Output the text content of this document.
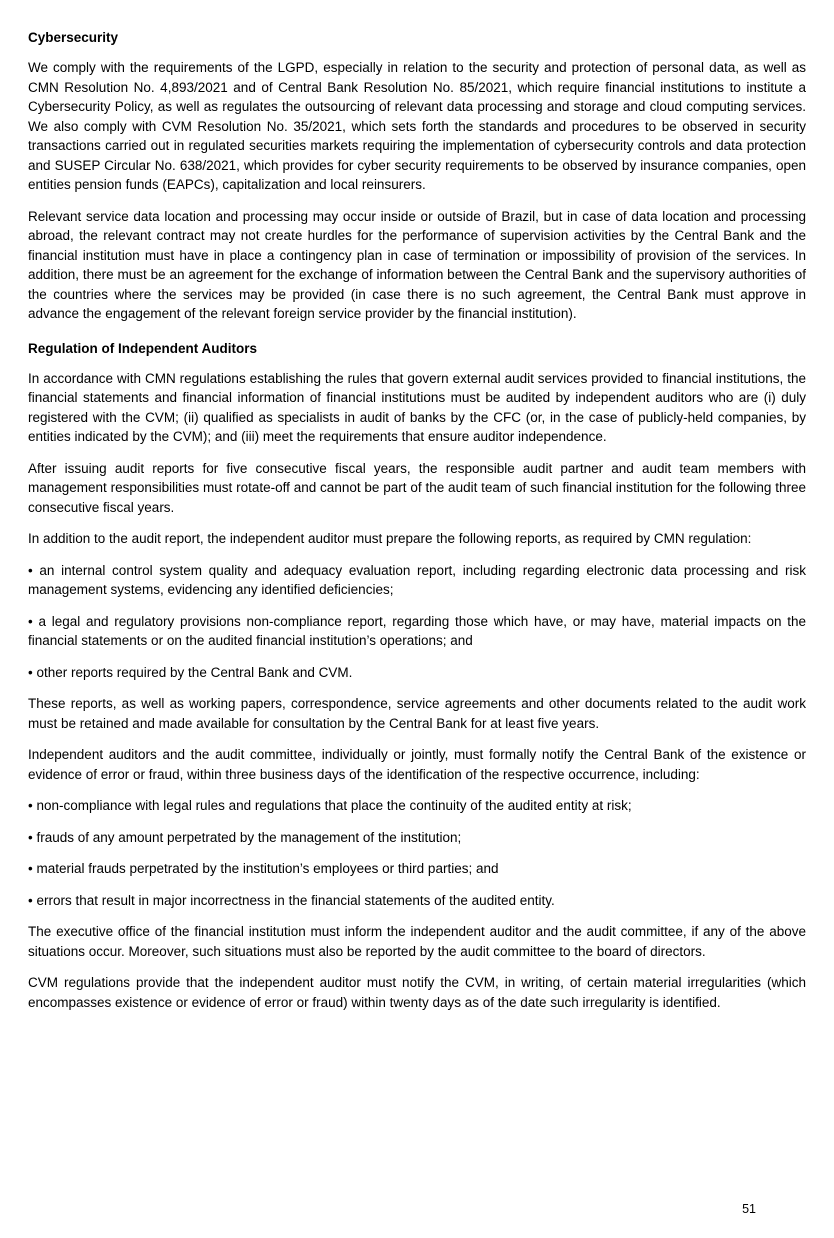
Cybersecurity

We comply with the requirements of the LGPD, especially in relation to the security and protection of personal data, as well as CMN Resolution No. 4,893/2021 and of Central Bank Resolution No. 85/2021, which require financial institutions to institute a Cybersecurity Policy, as well as regulates the outsourcing of relevant data processing and storage and cloud computing services. We also comply with CVM Resolution No. 35/2021, which sets forth the standards and procedures to be observed in security transactions carried out in regulated securities markets requiring the implementation of cybersecurity controls and data protection and SUSEP Circular No. 638/2021, which provides for cyber security requirements to be observed by insurance companies, open entities pension funds (EAPCs), capitalization and local reinsurers.

Relevant service data location and processing may occur inside or outside of Brazil, but in case of data location and processing abroad, the relevant contract may not create hurdles for the performance of supervision activities by the Central Bank and the financial institution must have in place a contingency plan in case of termination or impossibility of provision of the services. In addition, there must be an agreement for the exchange of information between the Central Bank and the supervisory authorities of the countries where the services may be provided (in case there is no such agreement, the Central Bank must approve in advance the engagement of the relevant foreign service provider by the financial institution).

Regulation of Independent Auditors

In accordance with CMN regulations establishing the rules that govern external audit services provided to financial institutions, the financial statements and financial information of financial institutions must be audited by independent auditors who are (i) duly registered with the CVM; (ii) qualified as specialists in audit of banks by the CFC (or, in the case of publicly-held companies, by entities indicated by the CVM); and (iii) meet the requirements that ensure auditor independence.

After issuing audit reports for five consecutive fiscal years, the responsible audit partner and audit team members with management responsibilities must rotate-off and cannot be part of the audit team of such financial institution for the following three consecutive fiscal years.

In addition to the audit report, the independent auditor must prepare the following reports, as required by CMN regulation:

• an internal control system quality and adequacy evaluation report, including regarding electronic data processing and risk management systems, evidencing any identified deficiencies;

• a legal and regulatory provisions non-compliance report, regarding those which have, or may have, material impacts on the financial statements or on the audited financial institution’s operations; and

• other reports required by the Central Bank and CVM.

These reports, as well as working papers, correspondence, service agreements and other documents related to the audit work must be retained and made available for consultation by the Central Bank for at least five years.

Independent auditors and the audit committee, individually or jointly, must formally notify the Central Bank of the existence or evidence of error or fraud, within three business days of the identification of the respective occurrence, including:

• non-compliance with legal rules and regulations that place the continuity of the audited entity at risk;

• frauds of any amount perpetrated by the management of the institution;

• material frauds perpetrated by the institution’s employees or third parties; and

• errors that result in major incorrectness in the financial statements of the audited entity.

The executive office of the financial institution must inform the independent auditor and the audit committee, if any of the above situations occur. Moreover, such situations must also be reported by the audit committee to the board of directors.

CVM regulations provide that the independent auditor must notify the CVM, in writing, of certain material irregularities (which encompasses existence or evidence of error or fraud) within twenty days as of the date such irregularity is identified.

51
